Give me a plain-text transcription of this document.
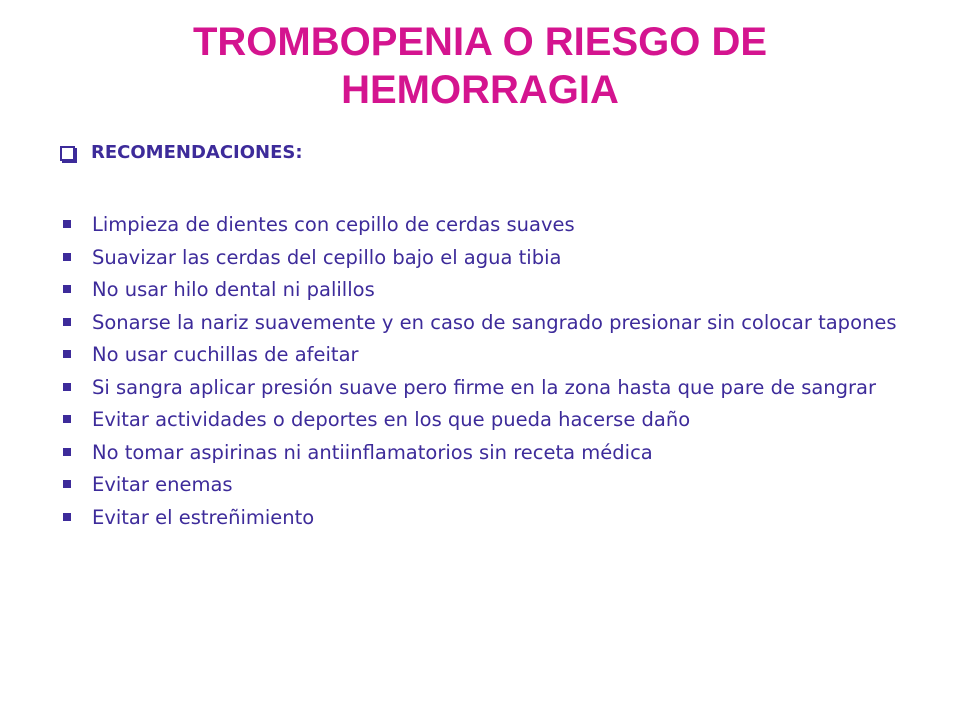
TROMBOPENIA O RIESGO DE
HEMORRAGIA
RECOMENDACIONES:
Limpieza de dientes con cepillo de cerdas suaves
Suavizar las cerdas del cepillo bajo el agua tibia
No usar hilo dental ni palillos
Sonarse la nariz suavemente y en caso de sangrado presionar sin colocar tapones
No usar cuchillas de afeitar
Si sangra aplicar presión suave pero firme en la zona hasta que pare de sangrar
Evitar actividades o deportes en los que pueda hacerse daño
No tomar aspirinas ni antiinflamatorios sin receta médica
Evitar enemas
Evitar el estreñimiento
